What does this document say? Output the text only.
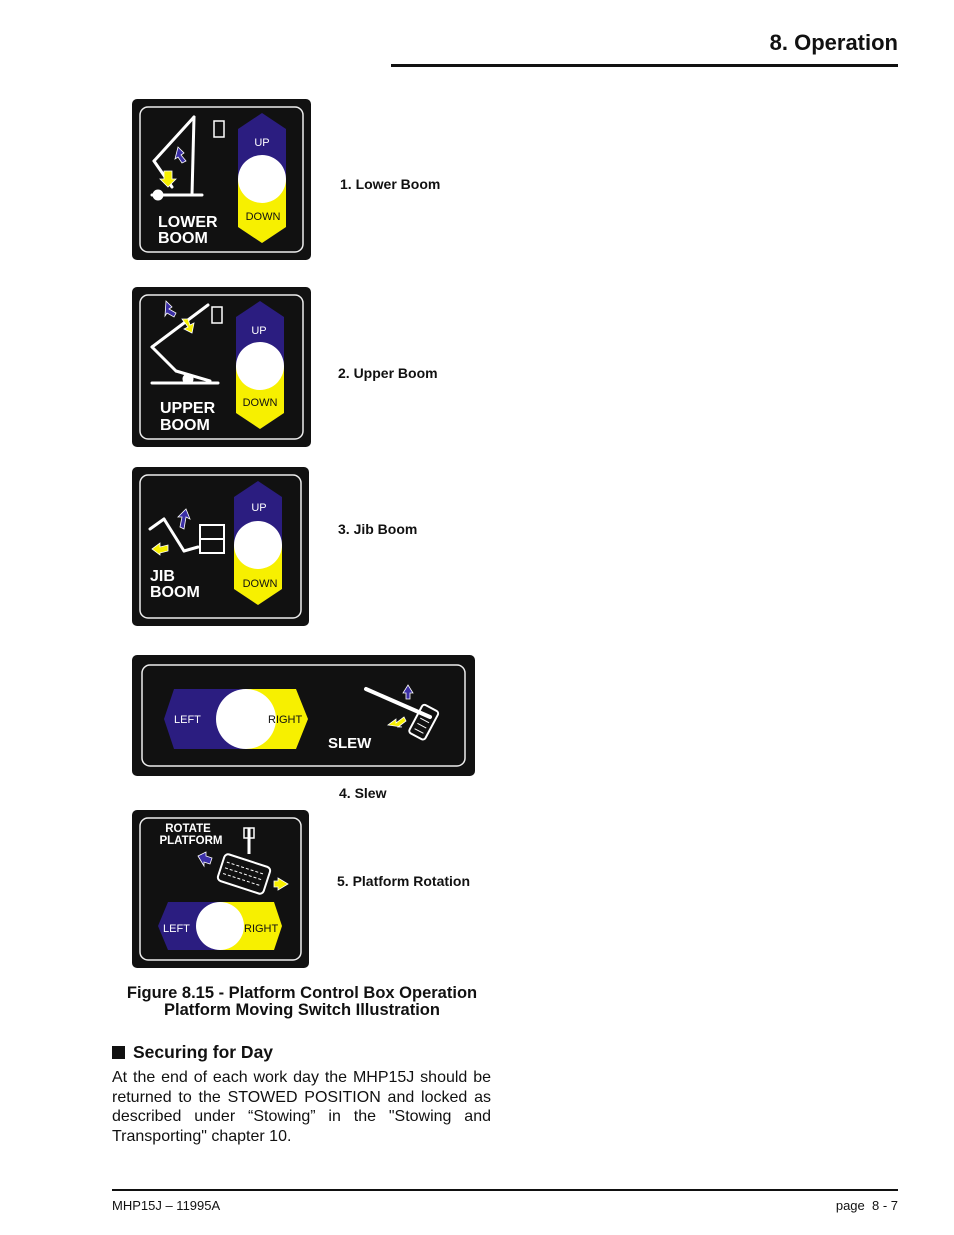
8. Operation
UP
DOWN
LOWER
BOOM
1. Lower Boom
UP
DOWN
UPPER
BOOM
2. Upper Boom
UP
DOWN
JIB
BOOM
3. Jib Boom
LEFT	RIGHT
SLEW
4. Slew
ROTATE
PLATFORM
LEFT	RIGHT
5. Platform Rotation
Figure 8.15 - Platform Control Box Operation
Platform Moving Switch Illustration
Securing for Day

At the end of each work day the MHP15J should be returned to the STOWED POSITION and locked as described under “Stowing” in the "Stowing and Transporting" chapter 10.

MHP15J – 11995A	page  8 - 7
